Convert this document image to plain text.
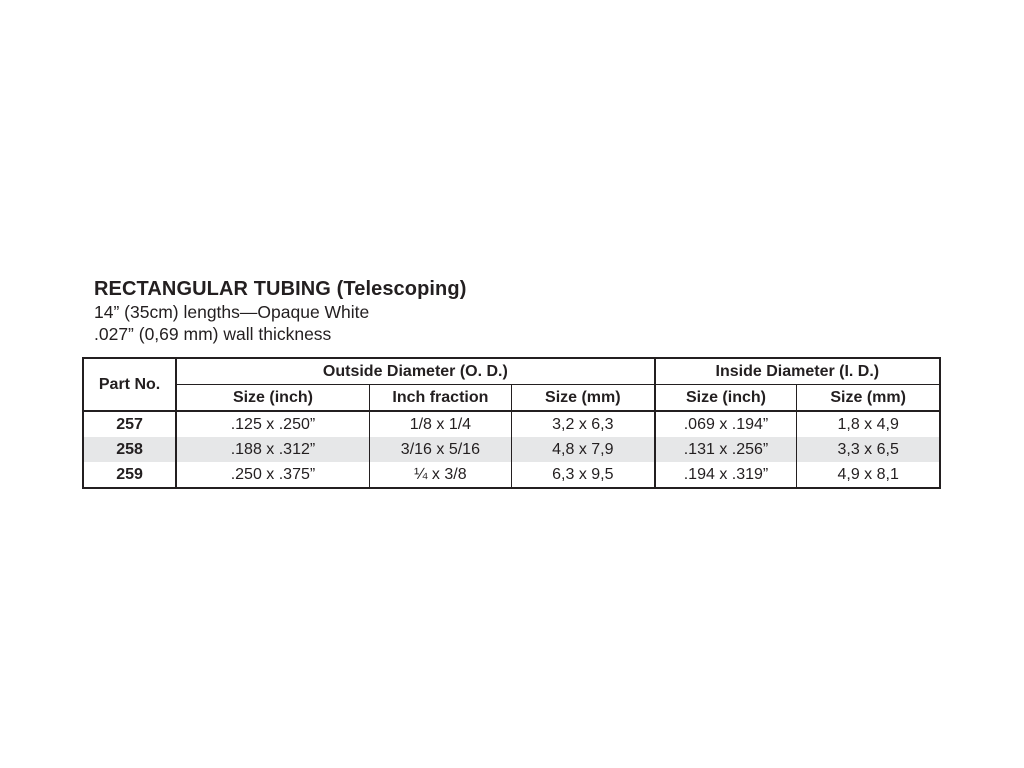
RECTANGULAR TUBING (Telescoping)
14” (35cm) lengths—Opaque White
.027” (0,69 mm) wall thickness
Part No.	Outside Diameter (O. D.)			Inside Diameter (I. D.)	
	Size (inch)	Inch fraction	Size (mm)	Size (inch)	Size (mm)
257	.125 x .250”	1/8 x 1/4	3,2 x 6,3	.069 x .194”	1,8 x 4,9
258	.188 x .312”	3/16 x 5/16	4,8 x 7,9	.131 x .256”	3,3 x 6,5
259	.250 x .375”	¼ x 3/8	6,3 x 9,5	.194 x .319”	4,9 x 8,1
